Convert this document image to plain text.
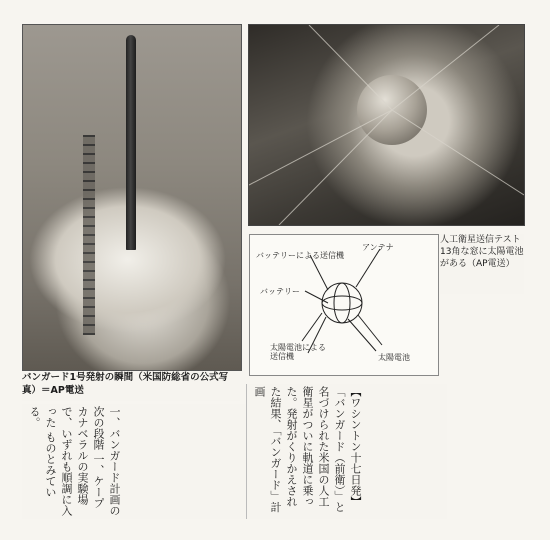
バッテリーによる送信機
アンテナ
バッテリー
太陽電池
太陽電池による 送信機
人工衛星送信テスト 13角な窓に太陽電池 がある（AP電送）
バンガード1号発射の瞬間（米国防総省の公式写真）＝AP電送	【ワシントン十七日発】「バンガード（前衛）」と名づけられた米国の人工衛星がついに軌道に乗った。発射がくりかえされた結果、「バンガード」計画
一、バンガード計画の次の段階 一、ケープカナベラルの実験場 で、いずれも順調に入った ものとみている。
